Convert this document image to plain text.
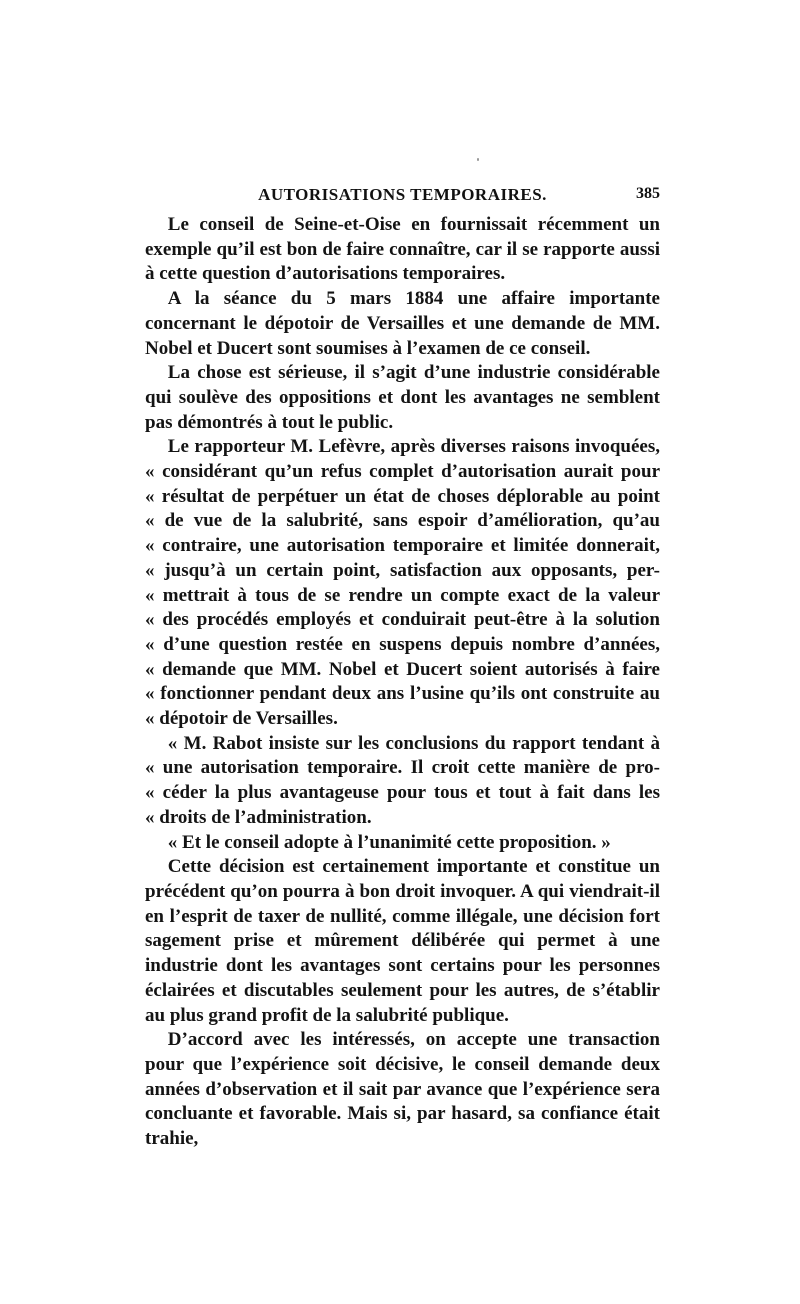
AUTORISATIONS TEMPORAIRES.	385

Le conseil de Seine-et-Oise en fournissait récemment un exemple qu’il est bon de faire connaître, car il se rapporte aussi à cette question d’autorisations temporaires.

A la séance du 5 mars 1884 une affaire importante concernant le dépotoir de Versailles et une demande de MM. Nobel et Ducert sont soumises à l’examen de ce conseil.

La chose est sérieuse, il s’agit d’une industrie considérable qui soulève des oppositions et dont les avantages ne semblent pas démontrés à tout le public.

Le rapporteur M. Lefèvre, après diverses raisons invoquées,
« considérant qu’un refus complet d’autorisation aurait pour
« résultat de perpétuer un état de choses déplorable au point
« de vue de la salubrité, sans espoir d’amélioration, qu’au
« contraire, une autorisation temporaire et limitée donnerait,
« jusqu’à un certain point, satisfaction aux opposants, per-
« mettrait à tous de se rendre un compte exact de la valeur
« des procédés employés et conduirait peut-être à la solution
« d’une question restée en suspens depuis nombre d’années,
« demande que MM. Nobel et Ducert soient autorisés à faire
« fonctionner pendant deux ans l’usine qu’ils ont construite au
« dépotoir de Versailles.
« M. Rabot insiste sur les conclusions du rapport tendant à
« une autorisation temporaire. Il croit cette manière de pro-
« céder la plus avantageuse pour tous et tout à fait dans les
« droits de l’administration.
« Et le conseil adopte à l’unanimité cette proposition. »

Cette décision est certainement importante et constitue un précédent qu’on pourra à bon droit invoquer. A qui viendrait-il en l’esprit de taxer de nullité, comme illégale, une décision fort sagement prise et mûrement délibérée qui permet à une industrie dont les avantages sont certains pour les personnes éclairées et discutables seulement pour les autres, de s’établir au plus grand profit de la salubrité publique.

D’accord avec les intéressés, on accepte une transaction pour que l’expérience soit décisive, le conseil demande deux années d’observation et il sait par avance que l’expérience sera concluante et favorable. Mais si, par hasard, sa confiance était trahie,
